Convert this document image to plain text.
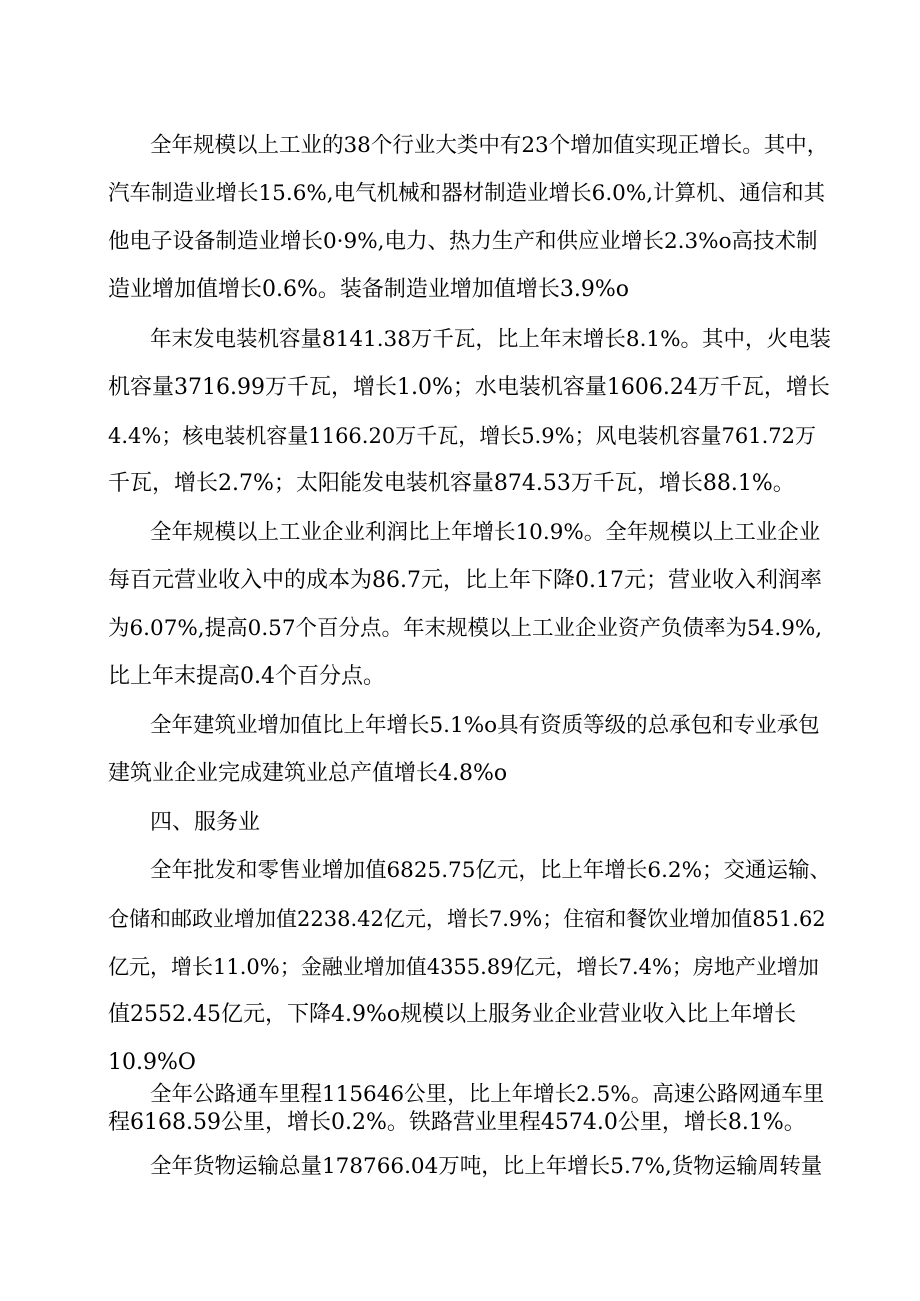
全年规模以上工业的38个行业大类中有23个增加值实现正增长。其中，
汽车制造业增长15.6%,电气机械和器材制造业增长6.0%,计算机、通信和其
他电子设备制造业增长0·9%,电力、热力生产和供应业增长2.3%o高技术制
造业增加值增长0.6%。装备制造业增加值增长3.9%o
年末发电装机容量8141.38万千瓦，比上年末增长8.1%。其中，火电装
机容量3716.99万千瓦，增长1.0%；水电装机容量1606.24万千瓦，增长
4.4%；核电装机容量1166.20万千瓦，增长5.9%；风电装机容量761.72万
千瓦，增长2.7%；太阳能发电装机容量874.53万千瓦，增长88.1%。
全年规模以上工业企业利润比上年增长10.9%。全年规模以上工业企业
每百元营业收入中的成本为86.7元，比上年下降0.17元；营业收入利润率
为6.07%,提高0.57个百分点。年末规模以上工业企业资产负债率为54.9%,
比上年末提高0.4个百分点。
全年建筑业增加值比上年增长5.1%o具有资质等级的总承包和专业承包
建筑业企业完成建筑业总产值增长4.8%o
四、服务业
全年批发和零售业增加值6825.75亿元，比上年增长6.2%；交通运输、
仓储和邮政业增加值2238.42亿元，增长7.9%；住宿和餐饮业增加值851.62
亿元，增长11.0%；金融业增加值4355.89亿元，增长7.4%；房地产业增加
值2552.45亿元，下降4.9%o规模以上服务业企业营业收入比上年增长
10.9%O
全年公路通车里程115646公里，比上年增长2.5%。高速公路网通车里
程6168.59公里，增长0.2%。铁路营业里程4574.0公里，增长8.1%。
全年货物运输总量178766.04万吨，比上年增长5.7%,货物运输周转量
